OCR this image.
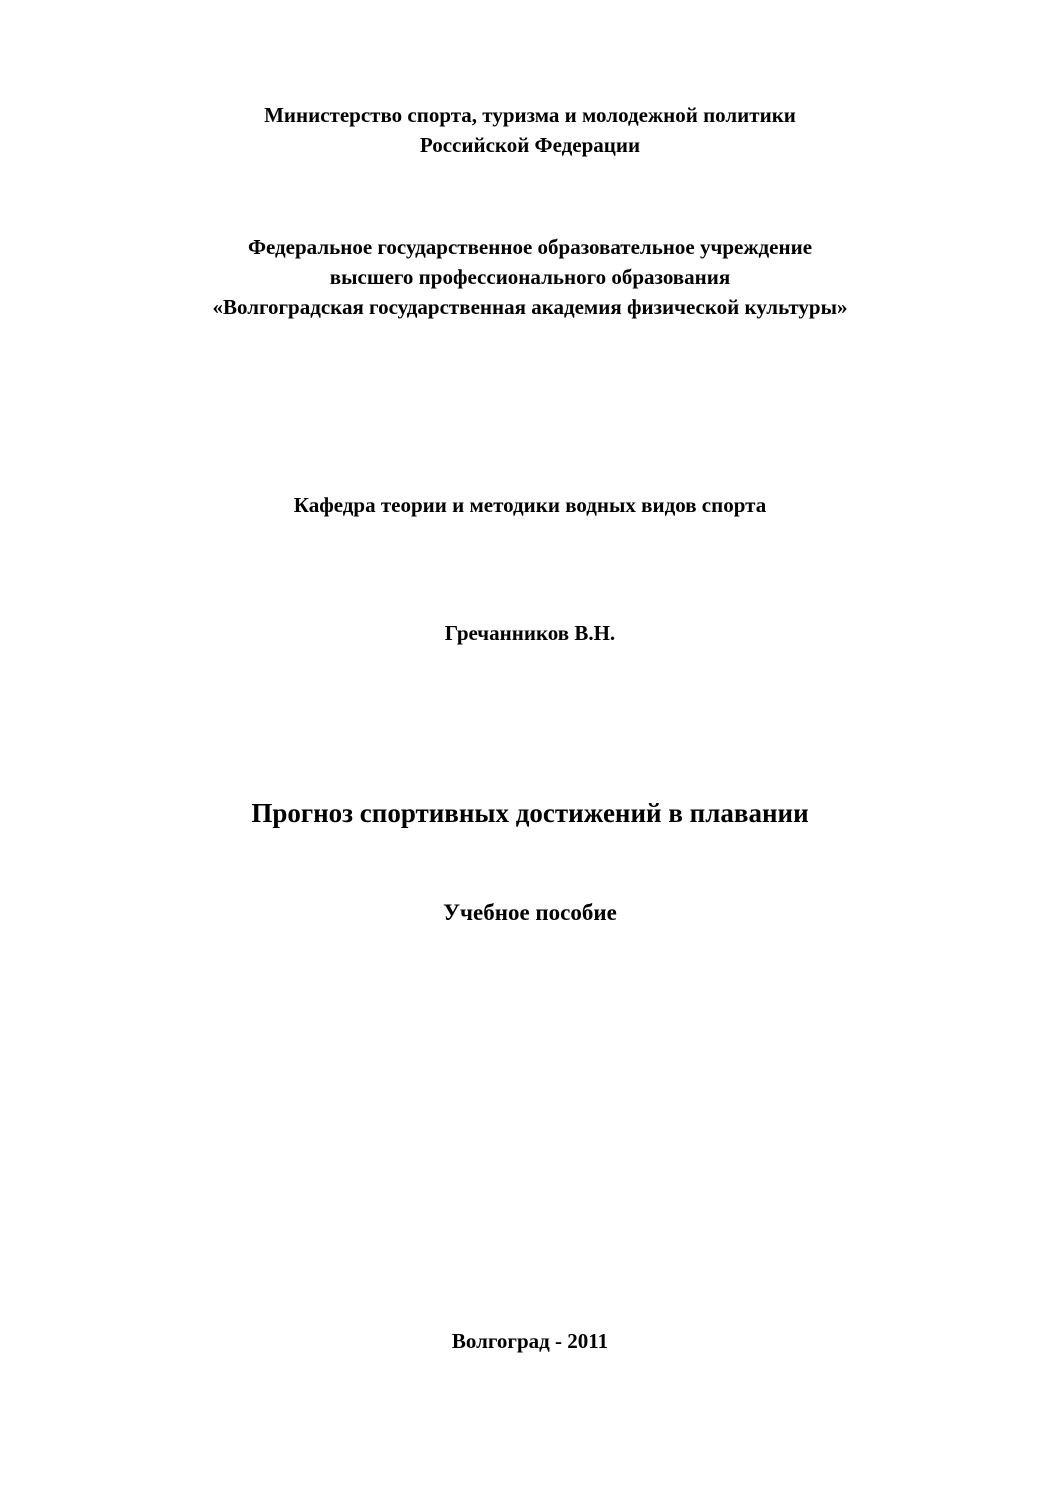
Министерство спорта, туризма и молодежной политики
Российской Федерации
Федеральное государственное образовательное учреждение
высшего профессионального образования
«Волгоградская государственная академия физической культуры»
Кафедра теории и методики водных видов спорта
Гречанников В.Н.
Прогноз спортивных достижений в плавании
Учебное пособие
Волгоград - 2011
